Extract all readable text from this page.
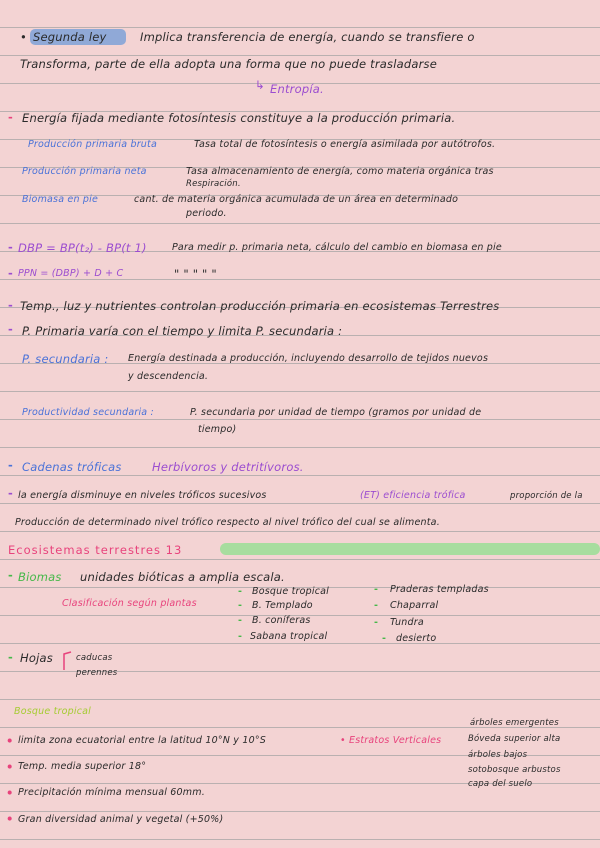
• Segunda ley	Implica transferencia de energía, cuando se transfiere o
Transforma, parte de ella adopta una forma que no puede trasladarse
↳ Entropía.
- Energía fijada mediante fotosíntesis constituye a la producción primaria.
Producción primaria bruta	Tasa total de fotosíntesis o energía asimilada por autótrofos.
Producción primaria neta	Tasa almacenamiento de energía, como materia orgánica tras
Respiración.
Biomasa en pie	cant. de materia orgánica acumulada de un área en determinado
periodo.
- DBP = BP(t₂) - BP(t 1)	Para medir p. primaria neta, cálculo del cambio en biomasa en pie
- PPN = (DBP) + D + C	" " " " "
- Temp., luz y nutrientes controlan producción primaria en ecosistemas Terrestres
- P. Primaria varía con el tiempo y limita P. secundaria :
P. secundaria : Energía destinada a producción, incluyendo desarrollo de tejidos nuevos
y descendencia.
Productividad secundaria :	P. secundaria por unidad de tiempo (gramos por unidad de
tiempo)
- Cadenas tróficas	Herbívoros y detritívoros.
- la energía disminuye en niveles tróficos sucesivos	(ET) eficiencia trófica	proporción de la
Producción de determinado nivel trófico respecto al nivel trófico del cual se alimenta.
Ecosistemas terrestres 13
- Biomas unidades bióticas a amplia escala.
Clasificación según plantas
- Bosque tropical
- B. Templado
- B. coníferas
- Sabana tropical
- Praderas templadas
- Chaparral
- Tundra
- desierto
- Hojas	caducas
perennes
Bosque tropical
• limita zona ecuatorial entre la latitud 10°N y 10°S
• Temp. media superior 18°
• Precipitación mínima mensual 60mm.
• Gran diversidad animal y vegetal (+50%)
• Estratos Verticales
árboles emergentes
Bóveda superior alta
árboles bajos
sotobosque arbustos
capa del suelo
